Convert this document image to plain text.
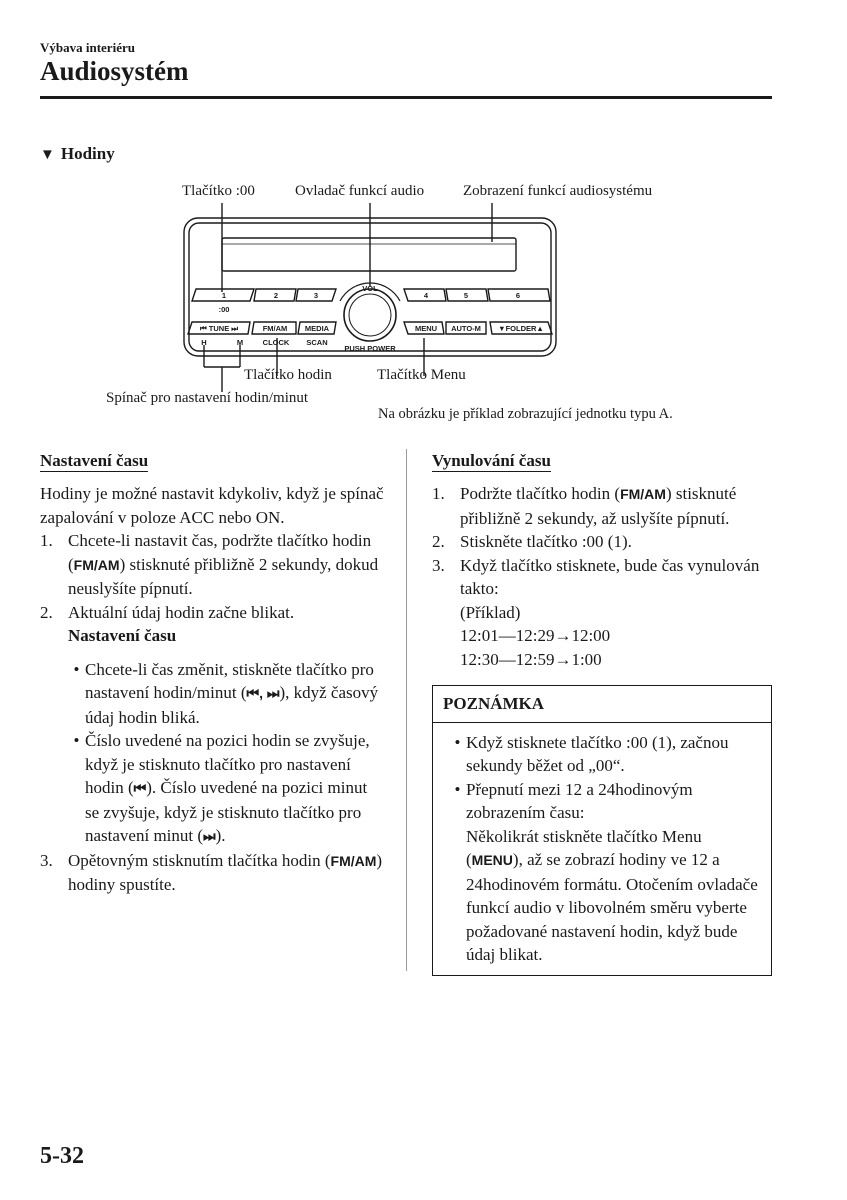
Výbava interiéru
Audiosystém
▼ Hodiny
Tlačítko :00	Ovladač funkcí audio	Zobrazení funkcí audiosystému
Tlačítko hodin	Tlačítko Menu
Spínač pro nastavení hodin/minut
Na obrázku je příklad zobrazující jednotku typu A.
VOL
1	2	3	4	5	6
:00
⏮ TUNE ⏭	FM/AM MEDIA	MENU AUTO-M ▼FOLDER▲
H	M	CLOCK SCAN
PUSH POWER
Nastavení času

Hodiny je možné nastavit kdykoliv, když je spínač zapalování v poloze ACC nebo ON.

1. Chcete-li nastavit čas, podržte tlačítko hodin (FM/AM) stisknuté přibližně 2 sekundy, dokud neuslyšíte pípnutí.
2. Aktuální údaj hodin začne blikat.
Nastavení času
• Chcete-li čas změnit, stiskněte tlačítko pro nastavení hodin/minut (⏮, ⏭), když časový údaj hodin bliká.
• Číslo uvedené na pozici hodin se zvyšuje, když je stisknuto tlačítko pro nastavení hodin (⏮). Číslo uvedené na pozici minut se zvyšuje, když je stisknuto tlačítko pro nastavení minut (⏭).
3. Opětovným stisknutím tlačítka hodin (FM/AM) hodiny spustíte.
Vynulování času
1. Podržte tlačítko hodin (FM/AM) stisknuté přibližně 2 sekundy, až uslyšíte pípnutí.
2. Stiskněte tlačítko :00 (1).
3. Když tlačítko stisknete, bude čas vynulován takto:
(Příklad)
12:01—12:29→12:00
12:30—12:59→1:00
POZNÁMKA
• Když stisknete tlačítko :00 (1), začnou sekundy běžet od „00“.
• Přepnutí mezi 12 a 24hodinovým zobrazením času:
Několikrát stiskněte tlačítko Menu (MENU), až se zobrazí hodiny ve 12 a 24hodinovém formátu. Otočením ovladače funkcí audio v libovolném směru vyberte požadované nastavení hodin, když bude údaj blikat.
5-32
